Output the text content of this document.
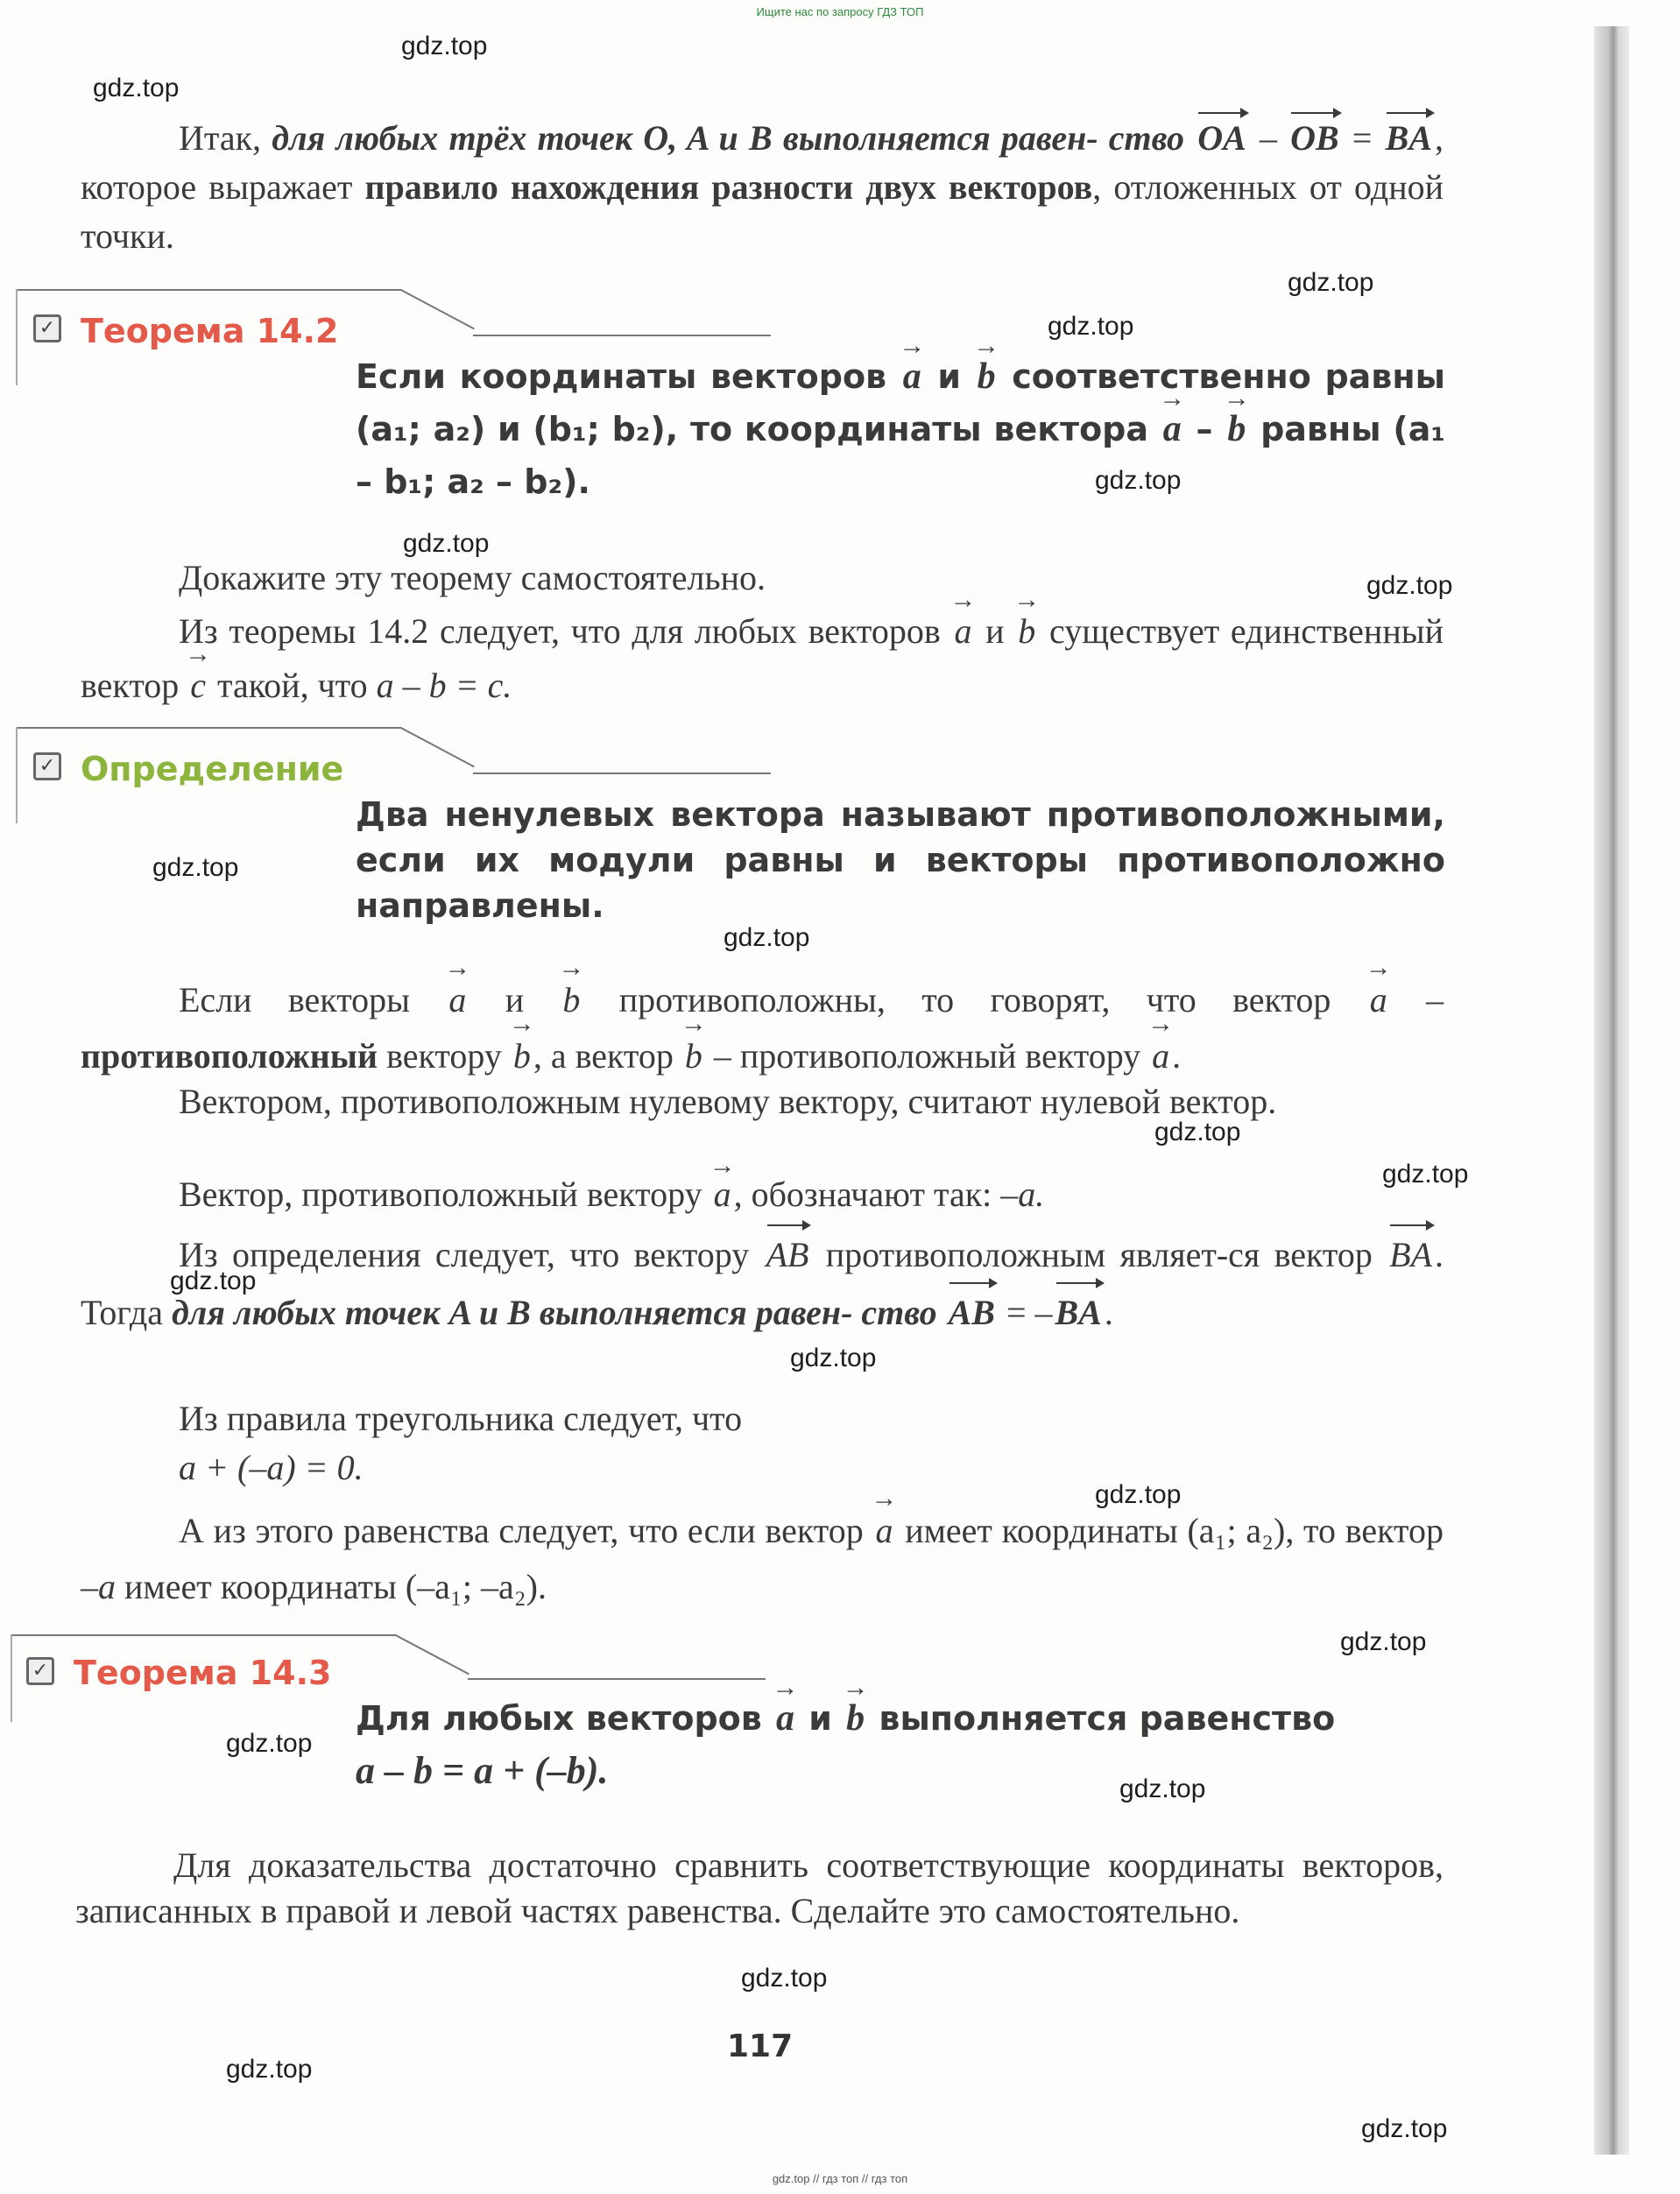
Ищите нас по запросу ГДЗ ТОП

Итак, для любых трёх точек O, A и B выполняется равен- ство OA – OB = BA, которое выражает правило нахождения разности двух векторов, отложенных от одной точки.

✓ Теорема 14.2

Если координаты векторов → a и → b соответственно равны (a₁; a₂) и (b₁; b₂), то координаты вектора → a – → b равны (a₁ – b₁; a₂ – b₂).

Докажите эту теорему самостоятельно.

Из теоремы 14.2 следует, что для любых векторов → a и → b существует единственный вектор → c такой, что a – b = c.

✓ Определение

Два ненулевых вектора называют противоположными, если их модули равны и векторы противоположно направлены.

Если векторы → a и → b противоположны, то говорят, что вектор → a – противоположный вектору → b, а вектор → b – противоположный вектору → a.

Вектором, противоположным нулевому вектору, считают нулевой вектор.

Вектор, противоположный вектору → a, обозначают так: –a.

Из определения следует, что вектору AB противоположным являет-ся вектор BA. Тогда для любых точек A и B выполняется равен- ство AB = –BA.

Из правила треугольника следует, что
a + (–a) = 0.

А из этого равенства следует, что если вектор → a имеет координаты (a₁; a₂), то вектор –a имеет координаты (–a₁; –a₂).

✓ Теорема 14.3

Для любых векторов → a и → b выполняется равенство
a – b = a + (–b).

Для доказательства достаточно сравнить соответствующие координаты векторов, записанных в правой и левой частях равенства. Сделайте это самостоятельно.

117
gdz.top
gdz.top
gdz.top
gdz.top
gdz.top
gdz.top
gdz.top
gdz.top
gdz.top
gdz.top
gdz.top
gdz.top
gdz.top
gdz.top
gdz.top
gdz.top
gdz.top
gdz.top
gdz.top
gdz.top
gdz.top // гдз топ // гдз топ
